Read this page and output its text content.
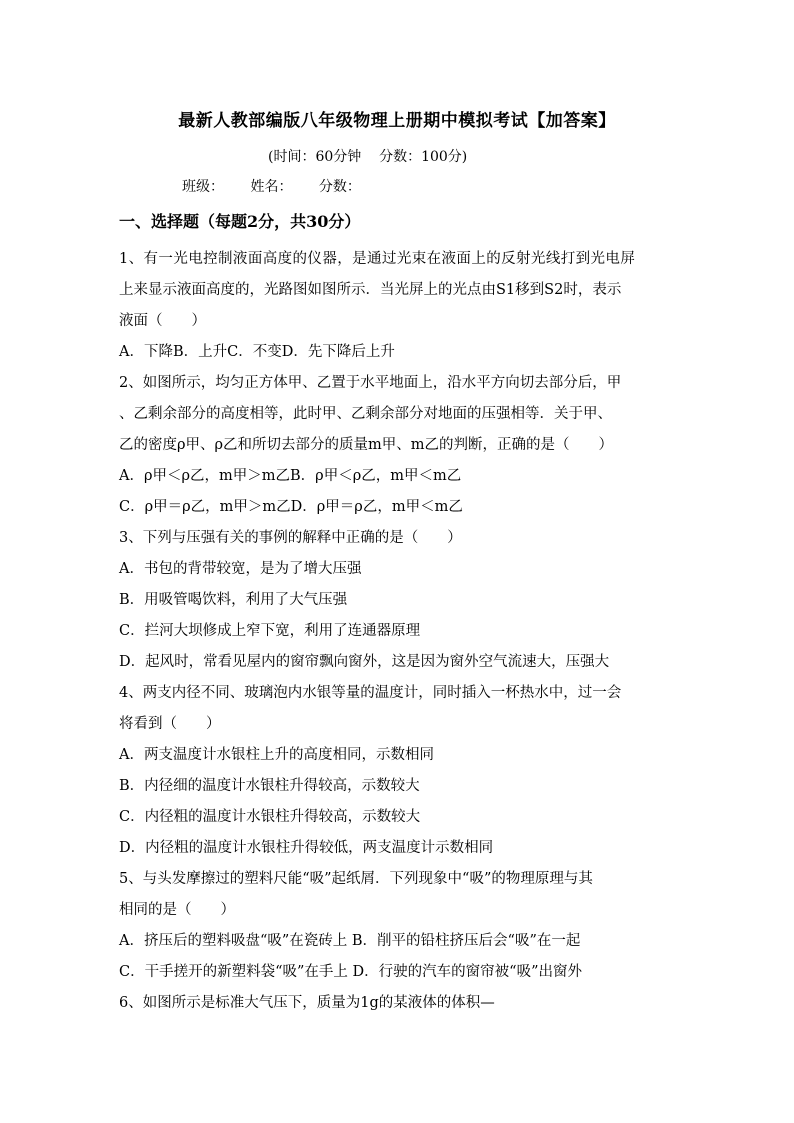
最新人教部编版八年级物理上册期中模拟考试【加答案】
(时间：60分钟    分数：100分)
班级： 姓名： 分数：
一、选择题（每题2分，共30分）
1、有一光电控制液面高度的仪器，是通过光束在液面上的反射光线打到光电屏
上来显示液面高度的，光路图如图所示．当光屏上的光点由S1移到S2时，表示
液面（　　）
A．下降B．上升C．不变D．先下降后上升
2、如图所示，均匀正方体甲、乙置于水平地面上，沿水平方向切去部分后，甲
、乙剩余部分的高度相等，此时甲、乙剩余部分对地面的压强相等．关于甲、
乙的密度ρ甲、ρ乙和所切去部分的质量m甲、m乙的判断，正确的是（　　）
A．ρ甲＜ρ乙，m甲＞m乙B．ρ甲＜ρ乙，m甲＜m乙
C．ρ甲＝ρ乙，m甲＞m乙D．ρ甲＝ρ乙，m甲＜m乙
3、下列与压强有关的事例的解释中正确的是（　　）
A．书包的背带较宽，是为了增大压强
B．用吸管喝饮料，利用了大气压强
C．拦河大坝修成上窄下宽，利用了连通器原理
D．起风时，常看见屋内的窗帘飘向窗外，这是因为窗外空气流速大，压强大
4、两支内径不同、玻璃泡内水银等量的温度计，同时插入一杯热水中，过一会
将看到（　　）
A．两支温度计水银柱上升的高度相同，示数相同
B．内径细的温度计水银柱升得较高，示数较大
C．内径粗的温度计水银柱升得较高，示数较大
D．内径粗的温度计水银柱升得较低，两支温度计示数相同
5、与头发摩擦过的塑料尺能“吸”起纸屑．下列现象中“吸”的物理原理与其
相同的是（　　）
A．挤压后的塑料吸盘“吸”在瓷砖上 B．削平的铅柱挤压后会“吸”在一起
C．干手搓开的新塑料袋“吸”在手上 D．行驶的汽车的窗帘被“吸”出窗外
6、如图所示是标准大气压下，质量为1g的某液体的体积—
